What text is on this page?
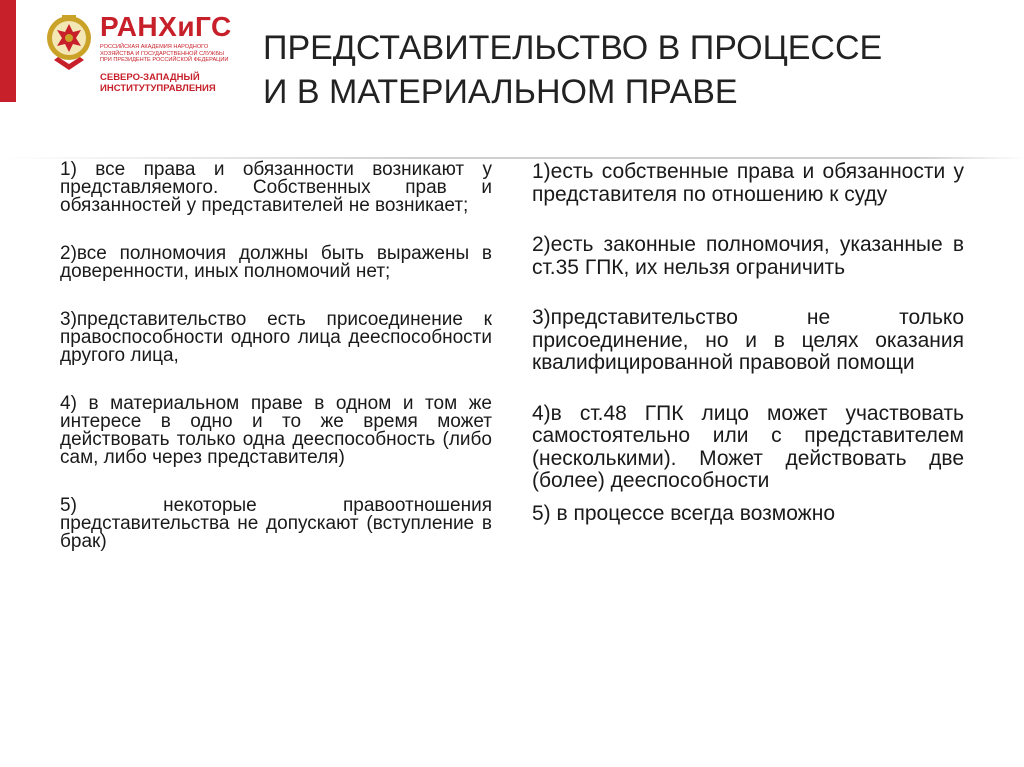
РАНХиГС
РОССИЙСКАЯ АКАДЕМИЯ НАРОДНОГО ХОЗЯЙСТВА И ГОСУДАРСТВЕННОЙ СЛУЖБЫ ПРИ ПРЕЗИДЕНТЕ РОССИЙСКОЙ ФЕДЕРАЦИИ
СЕВЕРО-ЗАПАДНЫЙ ИНСТИТУТУПРАВЛЕНИЯ
ПРЕДСТАВИТЕЛЬСТВО В ПРОЦЕССЕ
И В МАТЕРИАЛЬНОМ ПРАВЕ

1) все права и обязанности возникают у представляемого. Собственных прав и обязанностей у представителей не возникает;

2)все полномочия должны быть выражены в доверенности, иных полномочий нет;

3)представительство есть присоединение к правоспособности одного лица дееспособности другого лица,

4) в материальном праве в одном и том же интересе в одно и то же время может действовать только одна дееспособность (либо сам, либо через представителя)

5) некоторые правоотношения представительства не допускают (вступление в брак)

1)есть собственные права и обязанности у представителя по отношению к суду

2)есть законные полномочия, указанные в ст.35 ГПК, их нельзя ограничить

3)представительство не только присоединение, но и в целях оказания квалифицированной правовой помощи

4)в ст.48 ГПК лицо может участвовать самостоятельно или с представителем (несколькими). Может действовать две (более) дееспособности

5) в процессе всегда возможно
